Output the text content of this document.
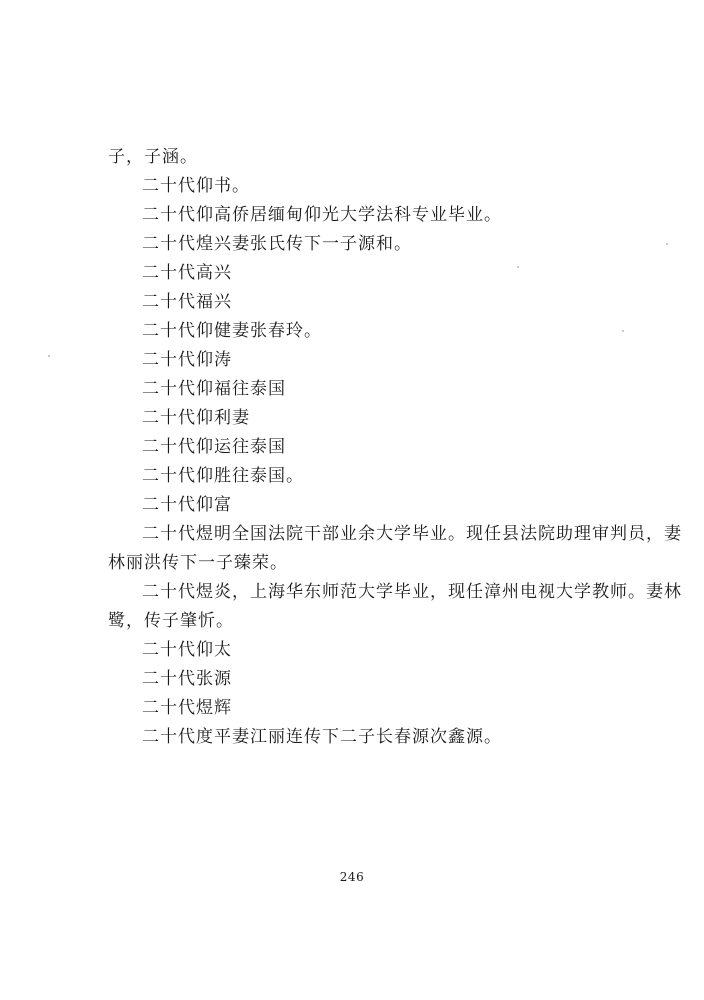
子，子涵。
二十代仰书。
二十代仰高侨居缅甸仰光大学法科专业毕业。
二十代煌兴妻张氏传下一子源和。
二十代高兴
二十代福兴
二十代仰健妻张春玲。
二十代仰涛
二十代仰福往泰国
二十代仰利妻
二十代仰运往泰国
二十代仰胜往泰国。
二十代仰富
二十代煜明全国法院干部业余大学毕业。现任县法院助理审判员，妻
林丽洪传下一子臻荣。
二十代煜炎，上海华东师范大学毕业，现任漳州电视大学教师。妻林
鹭，传子肇忻。
二十代仰太
二十代张源
二十代煜辉
二十代度平妻江丽连传下二子长春源次鑫源。
246
